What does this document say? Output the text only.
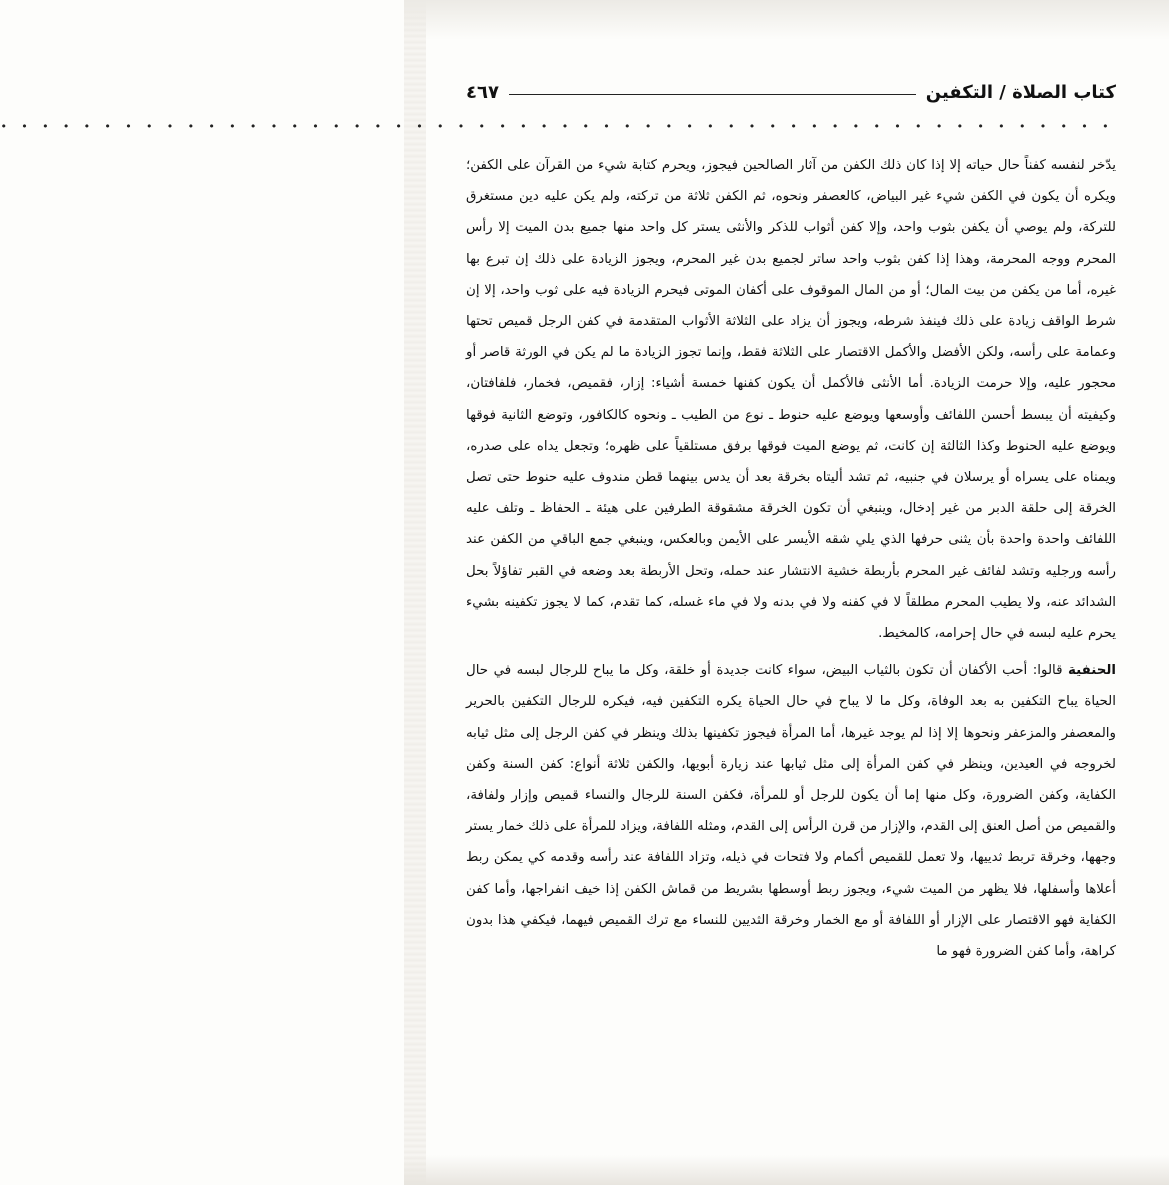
كتاب الصلاة / التكفين
٤٦٧
• • • • • • • • • • • • • • • • • • • • • • • • • • • • • • • • • • • • • • • • • • • • • • • • • • • • • •

يدّخر لنفسه كفناً حال حياته إلا إذا كان ذلك الكفن من آثار الصالحين فيجوز، ويحرم كتابة شيء من القرآن على الكفن؛ ويكره أن يكون في الكفن شيء غير البياض، كالعصفر ونحوه، ثم الكفن ثلاثة من تركته، ولم يكن عليه دين مستغرق للتركة، ولم يوصي أن يكفن بثوب واحد، وإلا كفن أثواب للذكر والأنثى يستر كل واحد منها جميع بدن الميت إلا رأس المحرم ووجه المحرمة، وهذا إذا كفن بثوب واحد ساتر لجميع بدن غير المحرم، ويجوز الزيادة على ذلك إن تبرع بها غيره، أما من يكفن من بيت المال؛ أو من المال الموقوف على أكفان الموتى فيحرم الزيادة فيه على ثوب واحد، إلا إن شرط الواقف زيادة على ذلك فينفذ شرطه، ويجوز أن يزاد على الثلاثة الأثواب المتقدمة في كفن الرجل قميص تحتها وعمامة على رأسه، ولكن الأفضل والأكمل الاقتصار على الثلاثة فقط، وإنما تجوز الزيادة ما لم يكن في الورثة قاصر أو محجور عليه، وإلا حرمت الزيادة. أما الأنثى فالأكمل أن يكون كفنها خمسة أشياء: إزار، فقميص، فخمار، فلفافتان، وكيفيته أن يبسط أحسن اللفائف وأوسعها ويوضع عليه حنوط ـ نوع من الطيب ـ ونحوه كالكافور، وتوضع الثانية فوقها ويوضع عليه الحنوط وكذا الثالثة إن كانت، ثم يوضع الميت فوقها برفق مستلقياً على ظهره؛ وتجعل يداه على صدره، ويمناه على يسراه أو يرسلان في جنبيه، ثم تشد أليتاه بخرقة بعد أن يدس بينهما قطن مندوف عليه حنوط حتى تصل الخرقة إلى حلقة الدبر من غير إدخال، وينبغي أن تكون الخرقة مشقوقة الطرفين على هيئة ـ الحفاظ ـ وتلف عليه اللفائف واحدة واحدة بأن يثنى حرفها الذي يلي شقه الأيسر على الأيمن وبالعكس، وينبغي جمع الباقي من الكفن عند رأسه ورجليه وتشد لفائف غير المحرم بأربطة خشية الانتشار عند حمله، وتحل الأربطة بعد وضعه في القبر تفاؤلاً بحل الشدائد عنه، ولا يطيب المحرم مطلقاً لا في كفنه ولا في بدنه ولا في ماء غسله، كما تقدم، كما لا يجوز تكفينه بشيء يحرم عليه لبسه في حال إحرامه، كالمخيط.

الحنفية قالوا: أحب الأكفان أن تكون بالثياب البيض، سواء كانت جديدة أو خلقة، وكل ما يباح للرجال لبسه في حال الحياة يباح التكفين به بعد الوفاة، وكل ما لا يباح في حال الحياة يكره التكفين فيه، فيكره للرجال التكفين بالحرير والمعصفر والمزعفر ونحوها إلا إذا لم يوجد غيرها، أما المرأة فيجوز تكفينها بذلك وينظر في كفن الرجل إلى مثل ثيابه لخروجه في العيدين، وينظر في كفن المرأة إلى مثل ثيابها عند زيارة أبويها، والكفن ثلاثة أنواع: كفن السنة وكفن الكفاية، وكفن الضرورة، وكل منها إما أن يكون للرجل أو للمرأة، فكفن السنة للرجال والنساء قميص وإزار ولفافة، والقميص من أصل العنق إلى القدم، والإزار من قرن الرأس إلى القدم، ومثله اللفافة، ويزاد للمرأة على ذلك خمار يستر وجهها، وخرقة تربط ثدييها، ولا تعمل للقميص أكمام ولا فتحات في ذيله، وتزاد اللفافة عند رأسه وقدمه كي يمكن ربط أعلاها وأسفلها، فلا يظهر من الميت شيء، ويجوز ربط أوسطها بشريط من قماش الكفن إذا خيف انفراجها، وأما كفن الكفاية فهو الاقتصار على الإزار أو اللفافة أو مع الخمار وخرقة الثديين للنساء مع ترك القميص فيهما، فيكفي هذا بدون كراهة، وأما كفن الضرورة فهو ما
